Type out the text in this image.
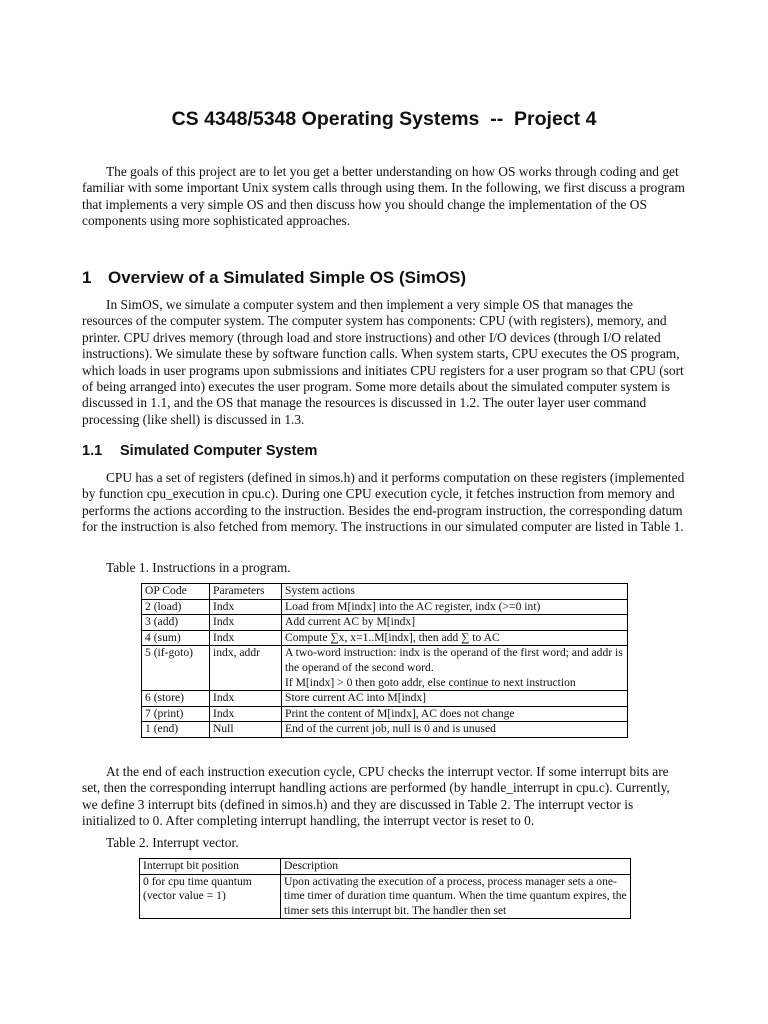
CS 4348/5348 Operating Systems  --  Project 4

The goals of this project are to let you get a better understanding on how OS works through coding and get familiar with some important Unix system calls through using them. In the following, we first discuss a program that implements a very simple OS and then discuss how you should change the implementation of the OS components using more sophisticated approaches.

1 Overview of a Simulated Simple OS (SimOS)

In SimOS, we simulate a computer system and then implement a very simple OS that manages the resources of the computer system. The computer system has components: CPU (with registers), memory, and printer. CPU drives memory (through load and store instructions) and other I/O devices (through I/O related instructions). We simulate these by software function calls. When system starts, CPU executes the OS program, which loads in user programs upon submissions and initiates CPU registers for a user program so that CPU (sort of being arranged into) executes the user program. Some more details about the simulated computer system is discussed in 1.1, and the OS that manage the resources is discussed in 1.2. The outer layer user command processing (like shell) is discussed in 1.3.

1.1 Simulated Computer System

CPU has a set of registers (defined in simos.h) and it performs computation on these registers (implemented by function cpu_execution in cpu.c). During one CPU execution cycle, it fetches instruction from memory and performs the actions according to the instruction. Besides the end-program instruction, the corresponding datum for the instruction is also fetched from memory. The instructions in our simulated computer are listed in Table 1.

Table 1. Instructions in a program.

OP Code	Parameters	System actions
2 (load)	Indx	Load from M[indx] into the AC register, indx (>=0 int)
3 (add)	Indx	Add current AC by M[indx]
4 (sum)	Indx	Compute ∑x, x=1..M[indx], then add ∑ to AC
5 (if-goto)	indx, addr	A two-word instruction: indx is the operand of the first word; and addr is the operand of the second word.
If M[indx] > 0 then goto addr, else continue to next instruction
6 (store)	Indx	Store current AC into M[indx]
7 (print)	Indx	Print the content of M[indx], AC does not change
1 (end)	Null	End of the current job, null is 0 and is unused

At the end of each instruction execution cycle, CPU checks the interrupt vector. If some interrupt bits are set, then the corresponding interrupt handling actions are performed (by handle_interrupt in cpu.c). Currently, we define 3 interrupt bits (defined in simos.h) and they are discussed in Table 2. The interrupt vector is initialized to 0. After completing interrupt handling, the interrupt vector is reset to 0.

Table 2. Interrupt vector.

Interrupt bit position	Description
0 for cpu time quantum
(vector value = 1)	Upon activating the execution of a process, process manager sets a one-time timer of duration time quantum. When the time quantum expires, the timer sets this interrupt bit. The handler then set
